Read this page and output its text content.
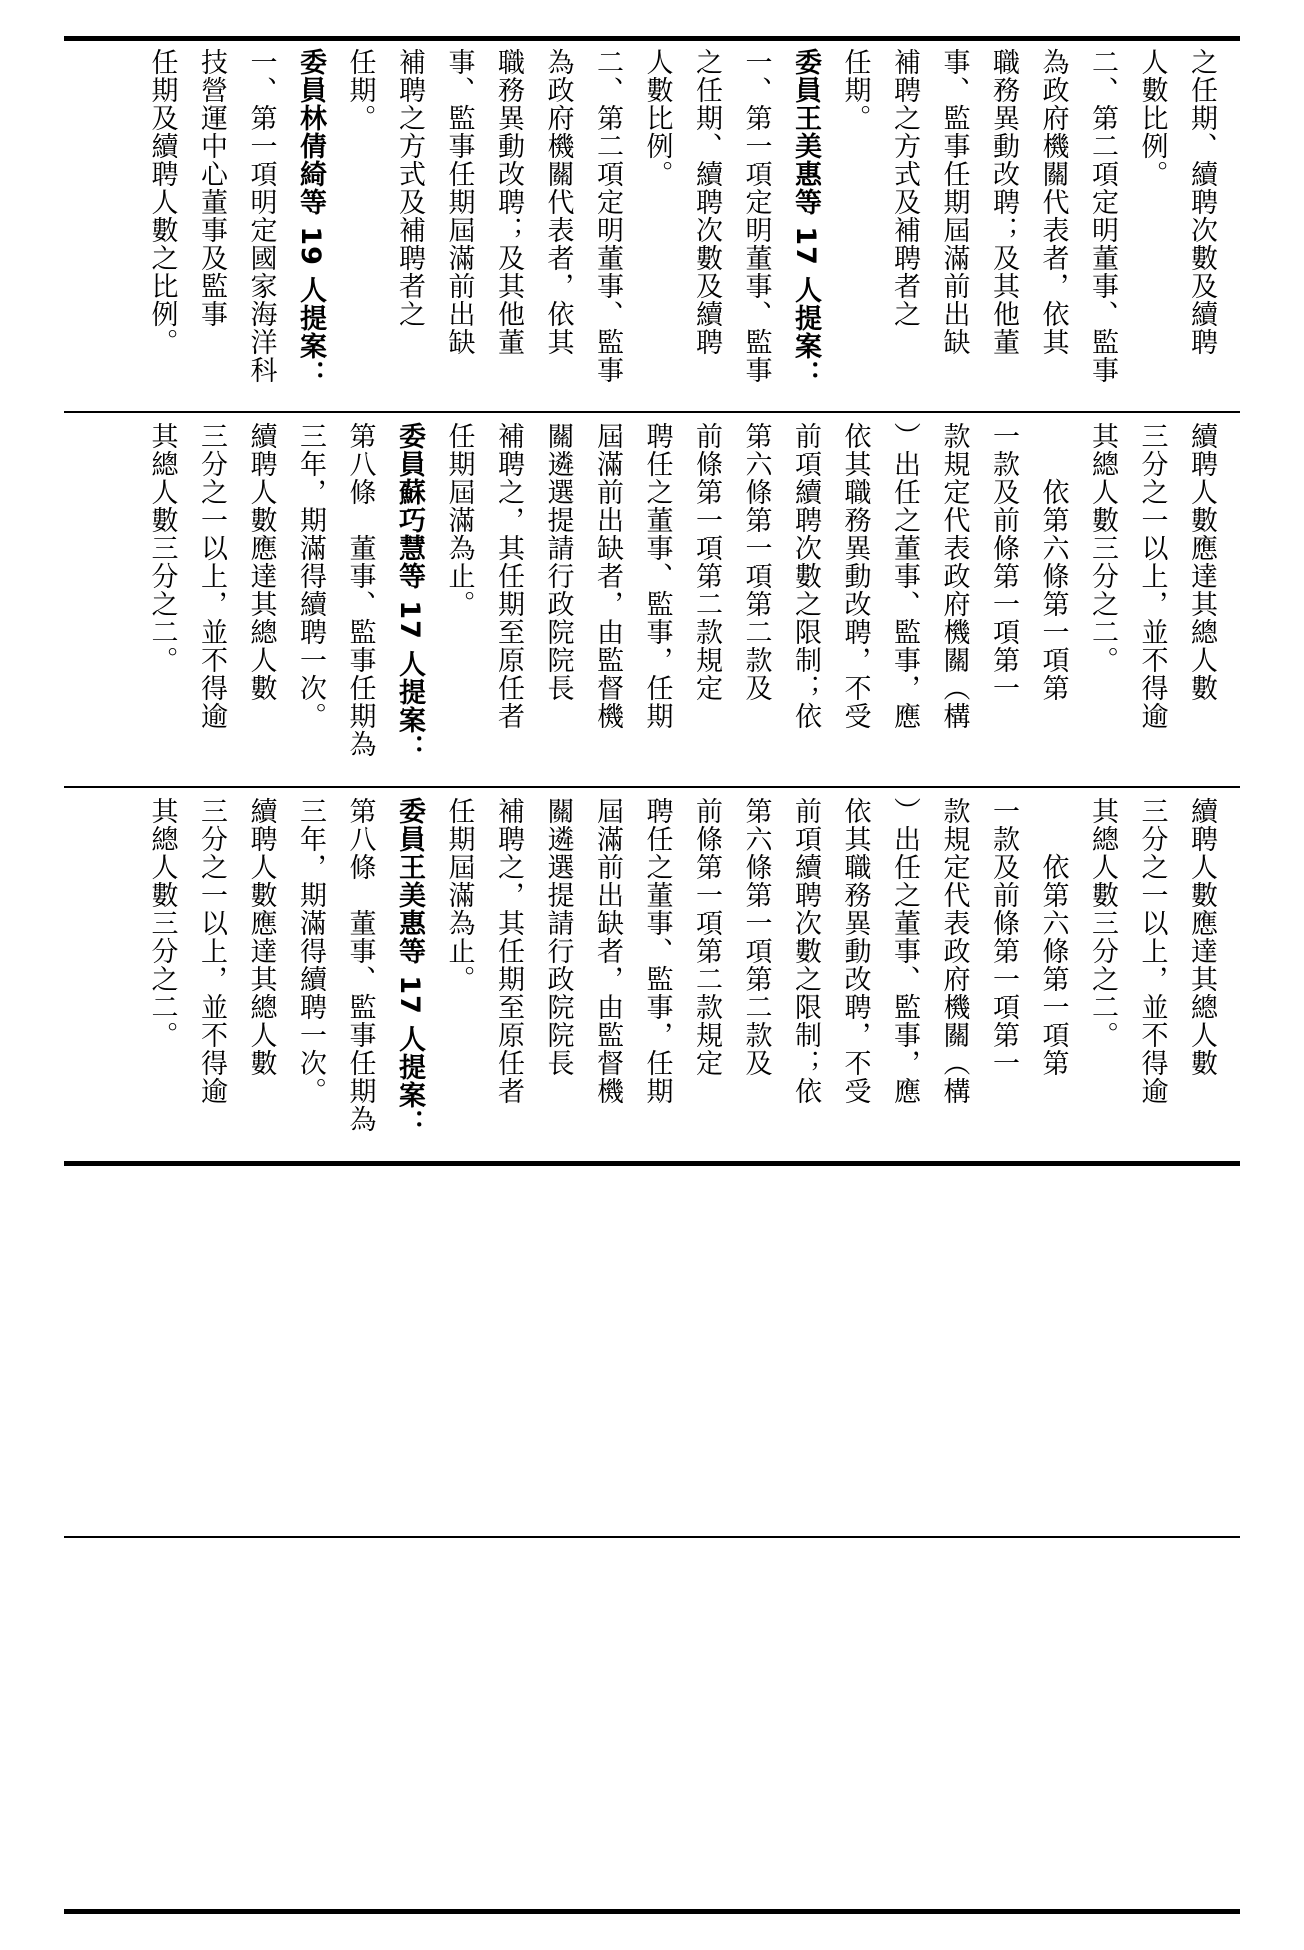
之任期、續聘次數及續聘
人數比例。
二、第二項定明董事、監事
為政府機關代表者，依其
職務異動改聘；及其他董
事、監事任期屆滿前出缺
補聘之方式及補聘者之
任期。
委員王美惠等 17 人提案：
一、第一項定明董事、監事
之任期、續聘次數及續聘
人數比例。
二、第二項定明董事、監事
為政府機關代表者，依其
職務異動改聘；及其他董
事、監事任期屆滿前出缺
補聘之方式及補聘者之
任期。
委員林倩綺等 19 人提案：
一、第一項明定國家海洋科
技營運中心董事及監事
任期及續聘人數之比例。
續聘人數應達其總人數
三分之一以上，並不得逾
其總人數三分之二。
　　依第六條第一項第
一款及前條第一項第一
款規定代表政府機關（構
）出任之董事、監事，應
依其職務異動改聘，不受
前項續聘次數之限制；依
第六條第一項第二款及
前條第一項第二款規定
聘任之董事、監事，任期
屆滿前出缺者，由監督機
關遴選提請行政院院長
補聘之，其任期至原任者
任期屆滿為止。
委員蘇巧慧等 17 人提案：
第八條　董事、監事任期為
三年，期滿得續聘一次。
續聘人數應達其總人數
三分之一以上，並不得逾
其總人數三分之二。
續聘人數應達其總人數
三分之一以上，並不得逾
其總人數三分之二。
　　依第六條第一項第
一款及前條第一項第一
款規定代表政府機關（構
）出任之董事、監事，應
依其職務異動改聘，不受
前項續聘次數之限制；依
第六條第一項第二款及
前條第一項第二款規定
聘任之董事、監事，任期
屆滿前出缺者，由監督機
關遴選提請行政院院長
補聘之，其任期至原任者
任期屆滿為止。
委員王美惠等 17 人提案：
第八條　董事、監事任期為
三年，期滿得續聘一次。
續聘人數應達其總人數
三分之一以上，並不得逾
其總人數三分之二。
